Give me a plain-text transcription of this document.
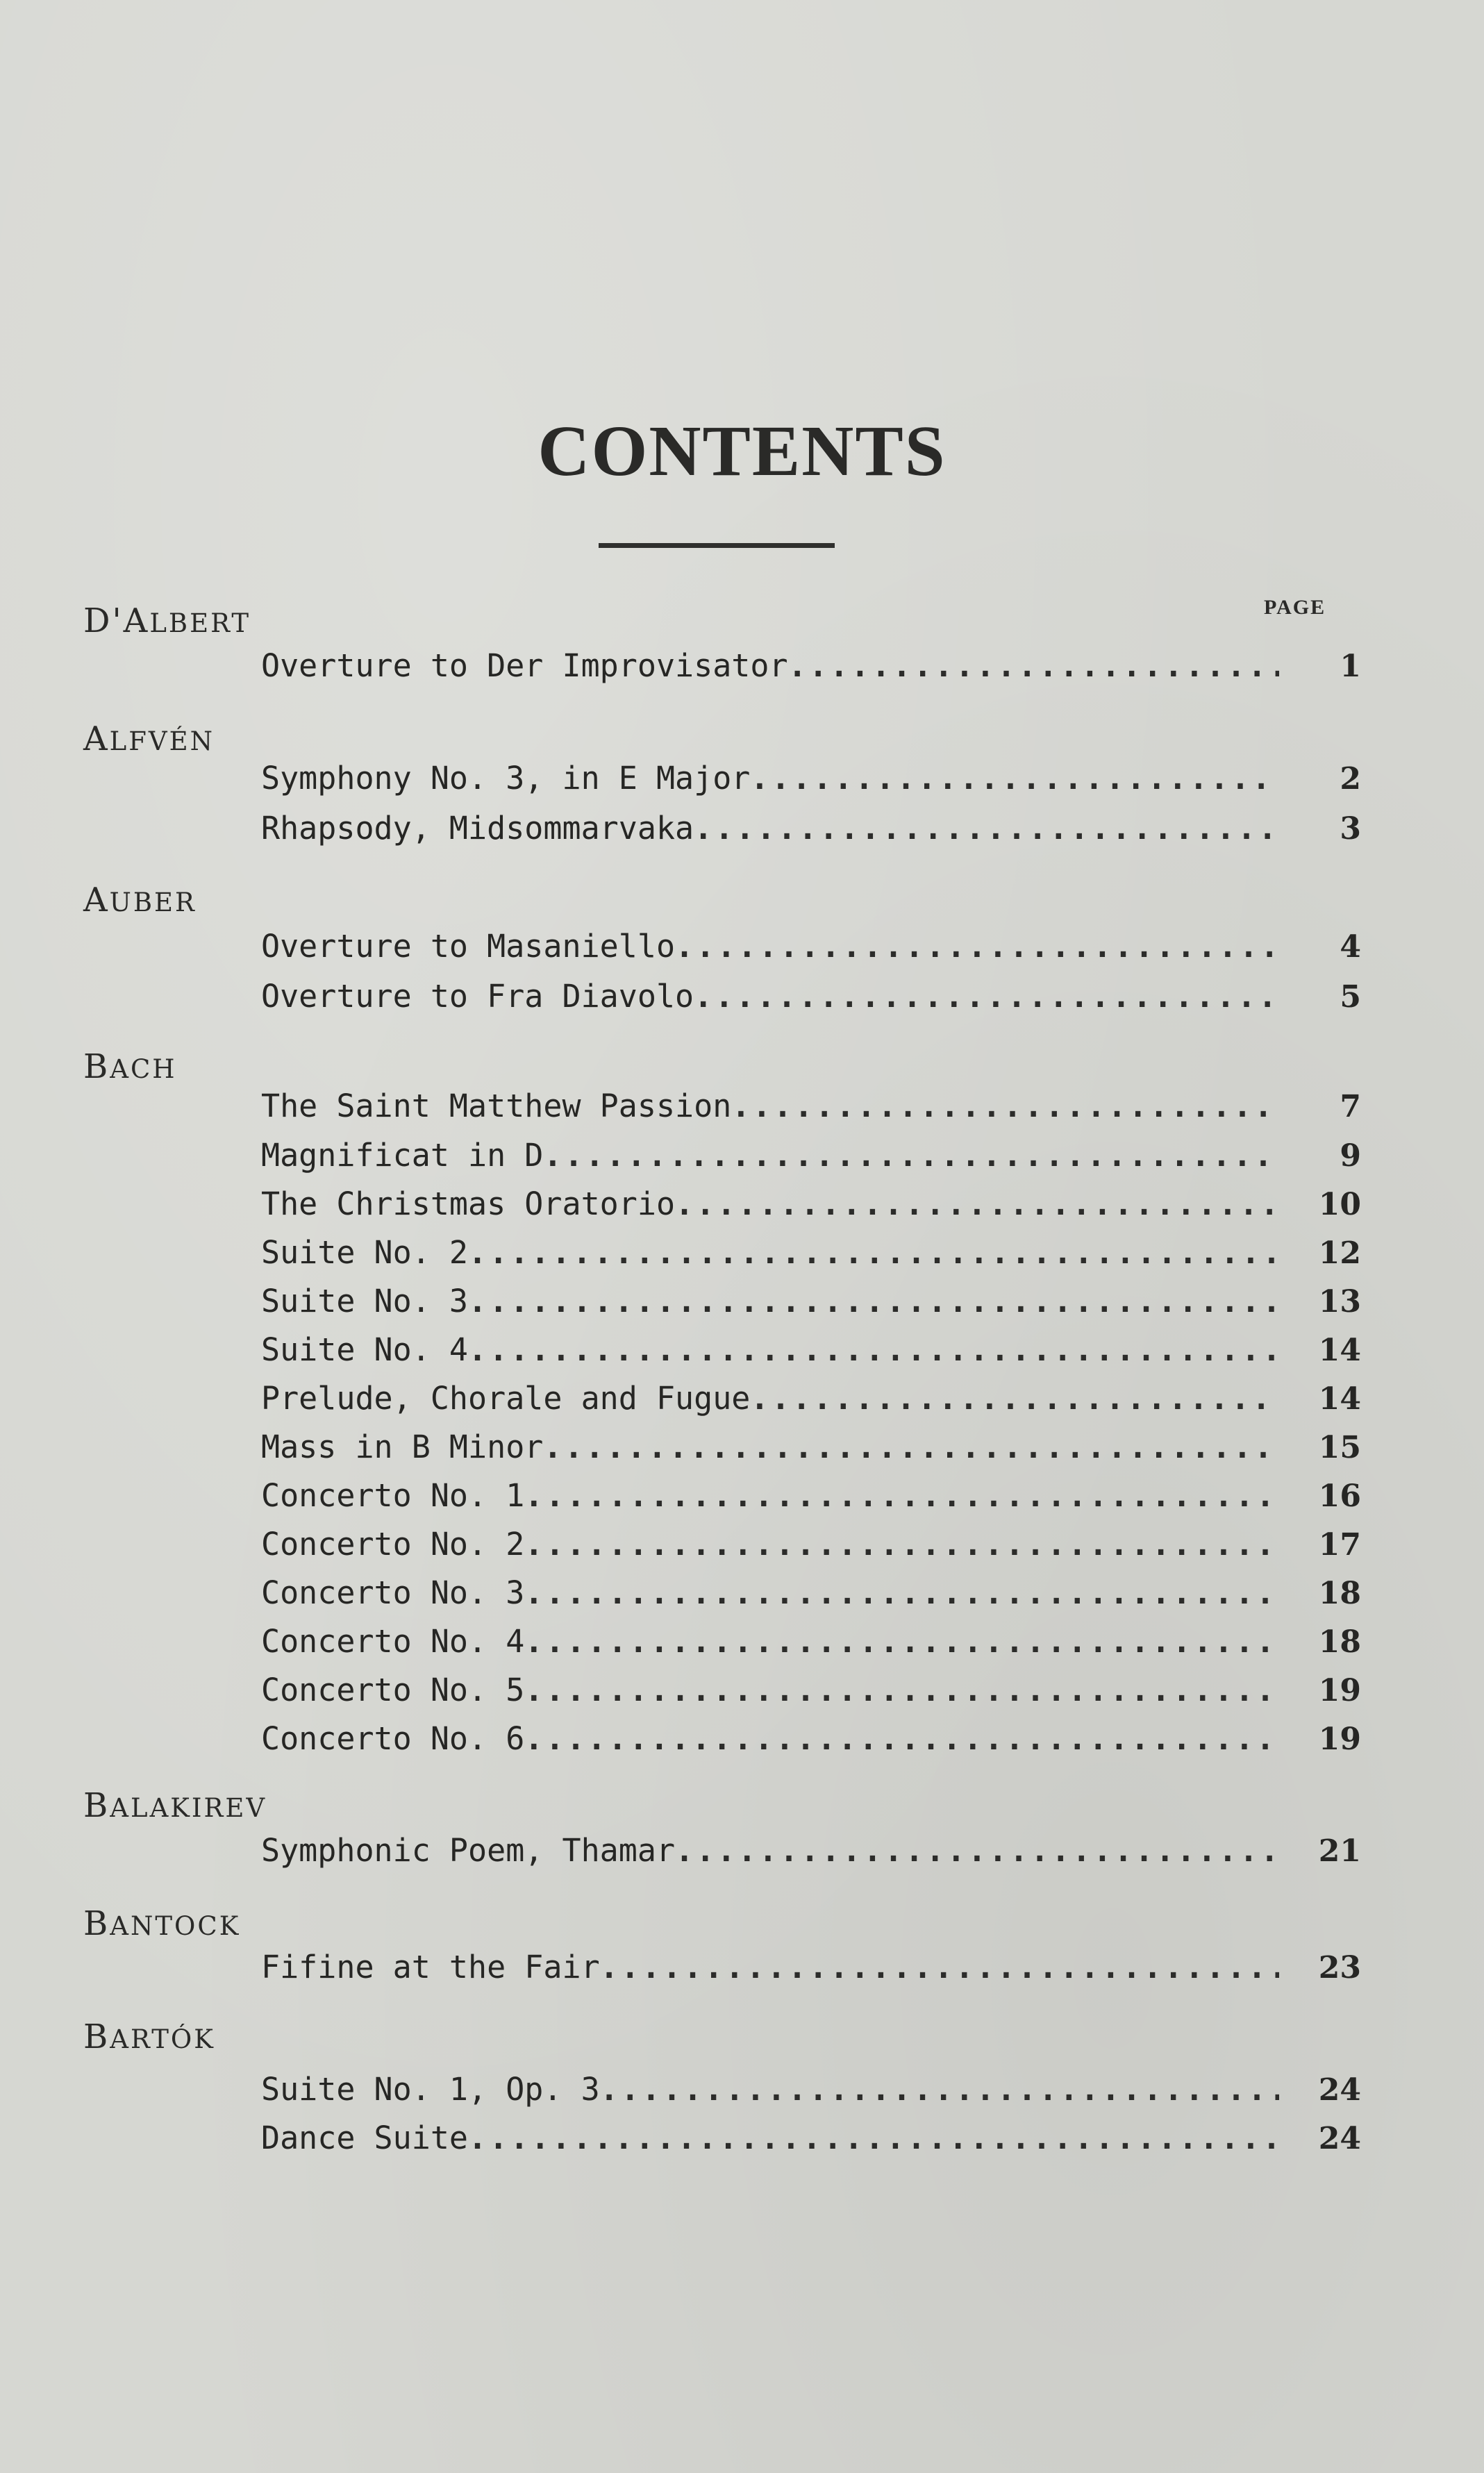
CONTENTS
PAGE
D'ALBERT
Overture to Der Improvisator .....	1
ALFVÉN
Symphony No. 3, in E Major .....	2
Rhapsody, Midsommarvaka .....	3
AUBER
Overture to Masaniello .....	4
Overture to Fra Diavolo .....	5
BACH
The Saint Matthew Passion .....	7
Magnificat in D .....	9
The Christmas Oratorio .....	10
Suite No. 2 .....	12
Suite No. 3 .....	13
Suite No. 4 .....	14
Prelude, Chorale and Fugue .....	14
Mass in B Minor .....	15
Concerto No. 1 .....	16
Concerto No. 2 .....	17
Concerto No. 3 .....	18
Concerto No. 4 .....	18
Concerto No. 5 .....	19
Concerto No. 6 .....	19
BALAKIREV
Symphonic Poem, Thamar .....	21
BANTOCK
Fifine at the Fair .....	23
BARTÓK
Suite No. 1, Op. 3 .....	24
Dance Suite .....	24
